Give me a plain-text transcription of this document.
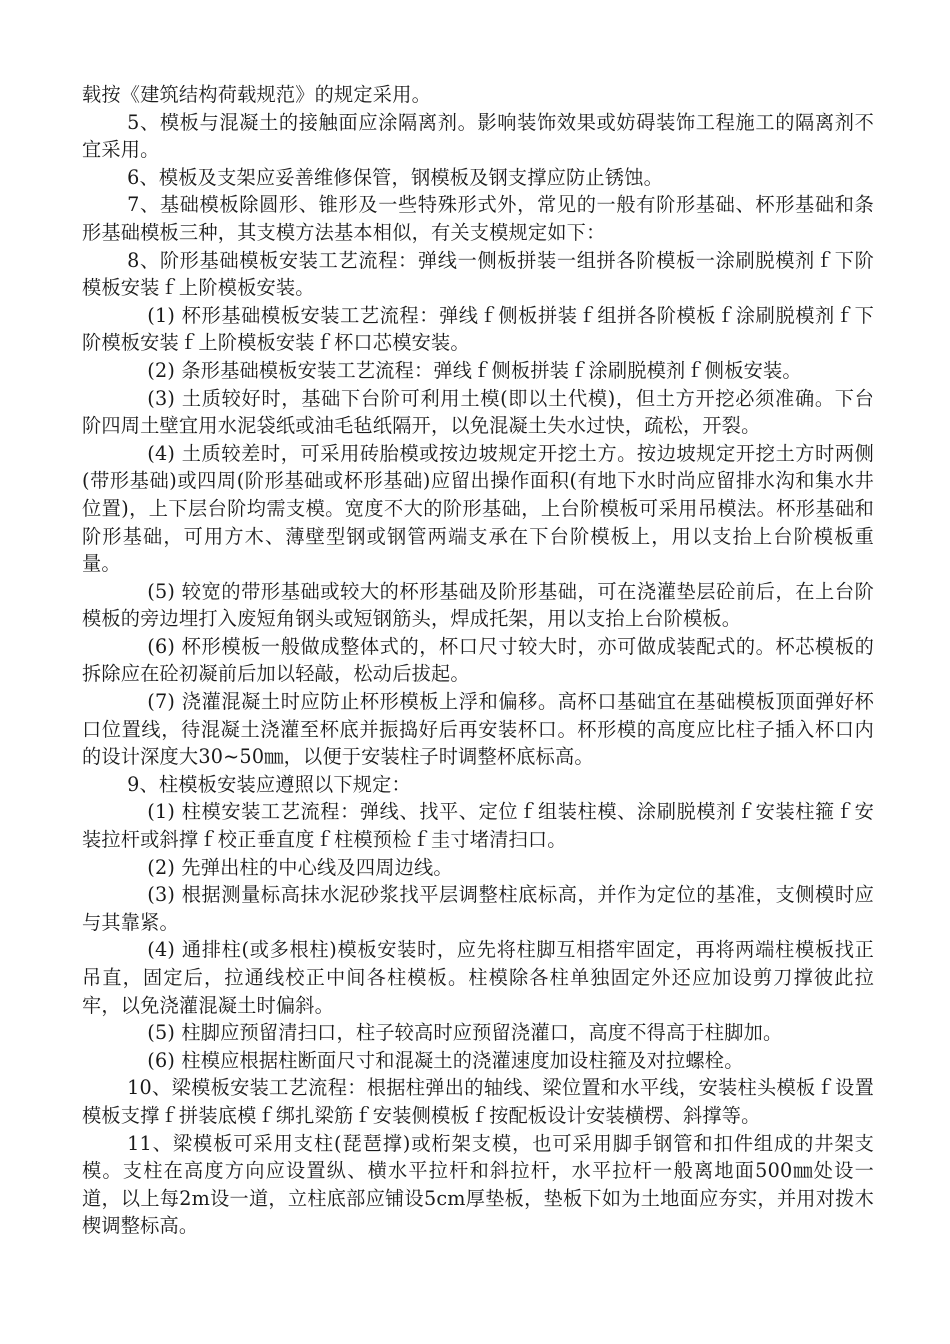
载按《建筑结构荷载规范》的规定采用。

5、模板与混凝土的接触面应涂隔离剂。影响装饰效果或妨碍装饰工程施工的隔离剂不宜采用。

6、模板及支架应妥善维修保管，钢模板及钢支撑应防止锈蚀。

7、基础模板除圆形、锥形及一些特殊形式外，常见的一般有阶形基础、杯形基础和条形基础模板三种，其支模方法基本相似，有关支模规定如下：

8、阶形基础模板安装工艺流程：弹线一侧板拼装一组拼各阶模板一涂刷脱模剂ｆ下阶模板安装ｆ上阶模板安装。

(1) 杯形基础模板安装工艺流程：弹线ｆ侧板拼装ｆ组拼各阶模板ｆ涂刷脱模剂ｆ下阶模板安装ｆ上阶模板安装ｆ杯口芯模安装。

(2) 条形基础模板安装工艺流程：弹线ｆ侧板拼装ｆ涂刷脱模剂ｆ侧板安装。

(3) 土质较好时，基础下台阶可利用土模(即以土代模)，但土方开挖必须准确。下台阶四周土壁宜用水泥袋纸或油毛毡纸隔开，以免混凝土失水过快，疏松，开裂。

(4) 土质较差时，可采用砖胎模或按边坡规定开挖土方。按边坡规定开挖土方时两侧(带形基础)或四周(阶形基础或杯形基础)应留出操作面积(有地下水时尚应留排水沟和集水井位置)，上下层台阶均需支模。宽度不大的阶形基础，上台阶模板可采用吊模法。杯形基础和阶形基础，可用方木、薄壁型钢或钢管两端支承在下台阶模板上，用以支抬上台阶模板重量。

(5) 较宽的带形基础或较大的杯形基础及阶形基础，可在浇灌垫层砼前后，在上台阶模板的旁边埋打入废短角钢头或短钢筋头，焊成托架，用以支抬上台阶模板。

(6) 杯形模板一般做成整体式的，杯口尺寸较大时，亦可做成装配式的。杯芯模板的拆除应在砼初凝前后加以轻敲，松动后拔起。

(7) 浇灌混凝土时应防止杯形模板上浮和偏移。高杯口基础宜在基础模板顶面弹好杯口位置线，待混凝土浇灌至杯底并振捣好后再安装杯口。杯形模的高度应比柱子插入杯口内的设计深度大30~50㎜，以便于安装柱子时调整杯底标高。

9、柱模板安装应遵照以下规定：

(1) 柱模安装工艺流程：弹线、找平、定位ｆ组装柱模、涂刷脱模剂ｆ安装柱箍ｆ安装拉杆或斜撑ｆ校正垂直度ｆ柱模预检ｆ圭寸堵清扫口。

(2) 先弹出柱的中心线及四周边线。

(3) 根据测量标高抹水泥砂浆找平层调整柱底标高，并作为定位的基准，支侧模时应与其靠紧。

(4) 通排柱(或多根柱)模板安装时，应先将柱脚互相搭牢固定，再将两端柱模板找正吊直，固定后，拉通线校正中间各柱模板。柱模除各柱单独固定外还应加设剪刀撑彼此拉牢，以免浇灌混凝土时偏斜。

(5) 柱脚应预留清扫口，柱子较高时应预留浇灌口，高度不得高于柱脚加。

(6) 柱模应根据柱断面尺寸和混凝土的浇灌速度加设柱箍及对拉螺栓。

10、梁模板安装工艺流程：根据柱弹出的轴线、梁位置和水平线，安装柱头模板ｆ设置模板支撑ｆ拼装底模ｆ绑扎梁筋ｆ安装侧模板ｆ按配板设计安装横楞、斜撑等。

11、梁模板可采用支柱(琵琶撑)或桁架支模，也可采用脚手钢管和扣件组成的井架支模。支柱在高度方向应设置纵、横水平拉杆和斜拉杆，水平拉杆一般离地面500㎜处设一道，以上每2m设一道，立柱底部应铺设5cm厚垫板，垫板下如为土地面应夯实，并用对拨木楔调整标高。
